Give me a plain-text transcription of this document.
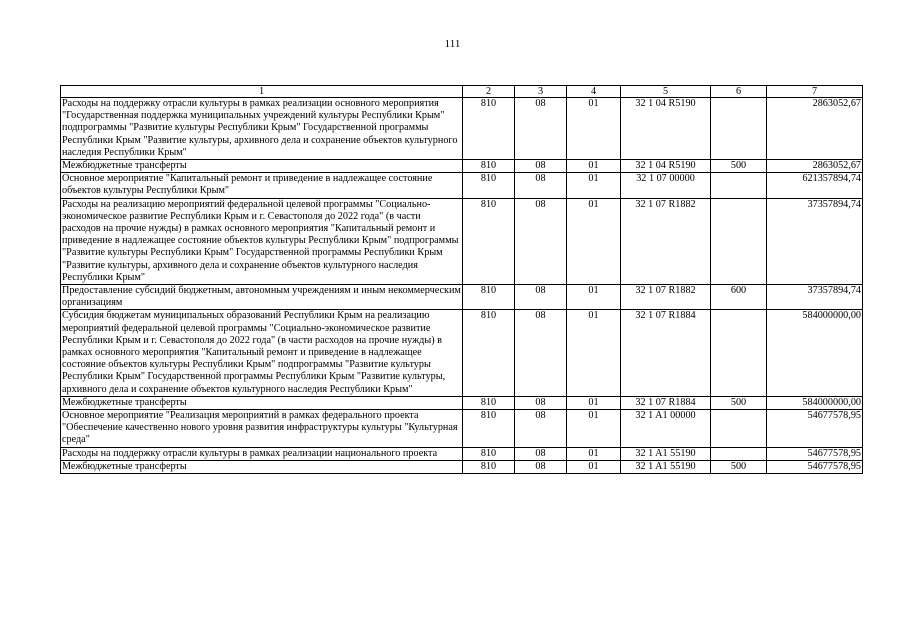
111
1	2	3	4	5	6	7
Расходы на поддержку отрасли культуры в рамках реализации основного мероприятия "Государственная поддержка муниципальных учреждений культуры Республики Крым" подпрограммы "Развитие культуры Республики Крым" Государственной программы Республики Крым "Развитие культуры, архивного дела и сохранение объектов культурного наследия Республики Крым"	810	08	01	32 1 04 R5190		2863052,67
Межбюджетные трансферты	810	08	01	32 1 04 R5190	500	2863052,67
Основное мероприятие "Капитальный ремонт и приведение в надлежащее состояние объектов культуры Республики Крым"	810	08	01	32 1 07 00000		621357894,74
Расходы на реализацию мероприятий федеральной целевой программы "Социально-экономическое развитие Республики Крым и г. Севастополя до 2022 года" (в части расходов на прочие нужды) в рамках основного мероприятия "Капитальный ремонт и приведение в надлежащее состояние объектов культуры Республики Крым" подпрограммы "Развитие культуры Республики Крым" Государственной программы Республики Крым "Развитие культуры, архивного дела и сохранение объектов культурного наследия Республики Крым"	810	08	01	32 1 07 R1882		37357894,74
Предоставление субсидий бюджетным, автономным учреждениям и иным некоммерческим организациям	810	08	01	32 1 07 R1882	600	37357894,74
Субсидия бюджетам муниципальных образований Республики Крым на реализацию мероприятий федеральной целевой программы "Социально-экономическое развитие Республики Крым и г. Севастополя до 2022 года" (в части расходов на прочие нужды) в рамках основного мероприятия "Капитальный ремонт и приведение в надлежащее состояние объектов культуры Республики Крым" подпрограммы "Развитие культуры Республики Крым" Государственной программы Республики Крым "Развитие культуры, архивного дела и сохранение объектов культурного наследия Республики Крым"	810	08	01	32 1 07 R1884		584000000,00
Межбюджетные трансферты	810	08	01	32 1 07 R1884	500	584000000,00
Основное мероприятие "Реализация мероприятий в рамках федерального проекта "Обеспечение качественно нового уровня развития инфраструктуры культуры "Культурная среда"	810	08	01	32 1 A1 00000		54677578,95
Расходы на поддержку отрасли культуры в рамках реализации национального проекта	810	08	01	32 1 A1 55190		54677578,95
Межбюджетные трансферты	810	08	01	32 1 A1 55190	500	54677578,95
